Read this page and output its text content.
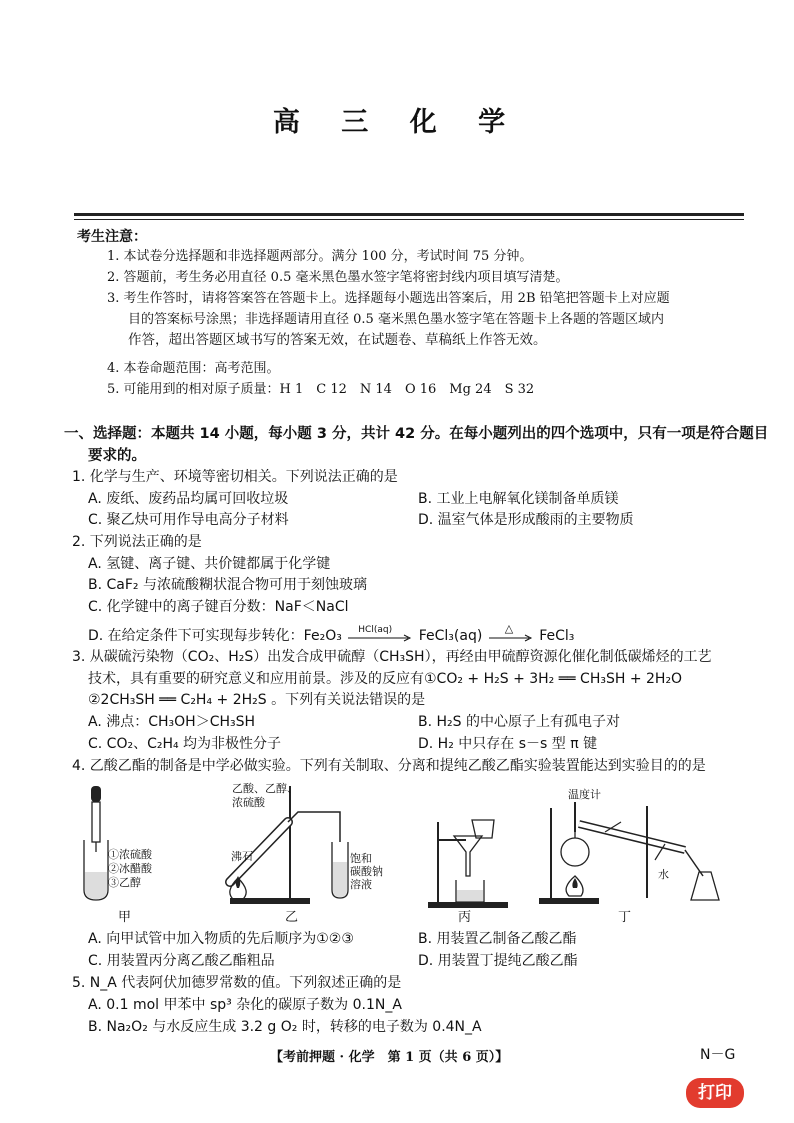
高 三 化 学
考生注意：
1. 本试卷分选择题和非选择题两部分。满分 100 分，考试时间 75 分钟。
2. 答题前，考生务必用直径 0.5 毫米黑色墨水签字笔将密封线内项目填写清楚。
3. 考生作答时，请将答案答在答题卡上。选择题每小题选出答案后，用 2B 铅笔把答题卡上对应题
目的答案标号涂黑；非选择题请用直径 0.5 毫米黑色墨水签字笔在答题卡上各题的答题区域内
作答，超出答题区域书写的答案无效，在试题卷、草稿纸上作答无效。
4. 本卷命题范围：高考范围。
5. 可能用到的相对原子质量：H 1　C 12　N 14　O 16　Mg 24　S 32
一、选择题：本题共 14 小题，每小题 3 分，共计 42 分。在每小题列出的四个选项中，只有一项是符合题目
要求的。
1. 化学与生产、环境等密切相关。下列说法正确的是
A. 废纸、废药品均属可回收垃圾	B. 工业上电解氧化镁制备单质镁
C. 聚乙炔可用作导电高分子材料	D. 温室气体是形成酸雨的主要物质
2. 下列说法正确的是
A. 氢键、离子键、共价键都属于化学键
B. CaF₂ 与浓硫酸糊状混合物可用于刻蚀玻璃
C. 化学键中的离子键百分数：NaF＜NaCl
D. 在给定条件下可实现每步转化：Fe₂O₃ HCl(aq) FeCl₃(aq) △ FeCl₃
3. 从碳硫污染物（CO₂、H₂S）出发合成甲硫醇（CH₃SH），再经由甲硫醇资源化催化制低碳烯烃的工艺
技术，具有重要的研究意义和应用前景。涉及的反应有①CO₂ + H₂S + 3H₂ ══ CH₃SH + 2H₂O
②2CH₃SH ══ C₂H₄ + 2H₂S 。下列有关说法错误的是
A. 沸点：CH₃OH＞CH₃SH	B. H₂S 的中心原子上有孤电子对
C. CO₂、C₂H₄ 均为非极性分子	D. H₂ 中只存在 s－s 型 π 键
4. 乙酸乙酯的制备是中学必做实验。下列有关制取、分离和提纯乙酸乙酯实验装置能达到实验目的的是
①浓硫酸
②冰醋酸
③乙醇
甲
乙酸、乙醇、
浓硫酸
沸石	饱和
碳酸钠
溶液
乙	丙
温度计
水
丁
A. 向甲试管中加入物质的先后顺序为①②③	B. 用装置乙制备乙酸乙酯
C. 用装置丙分离乙酸乙酯粗品	D. 用装置丁提纯乙酸乙酯
5. N_A 代表阿伏加德罗常数的值。下列叙述正确的是
A. 0.1 mol 甲苯中 sp³ 杂化的碳原子数为 0.1N_A
B. Na₂O₂ 与水反应生成 3.2 g O₂ 时，转移的电子数为 0.4N_A
【考前押题 · 化学　第 1 页（共 6 页）】	N－G
打印
